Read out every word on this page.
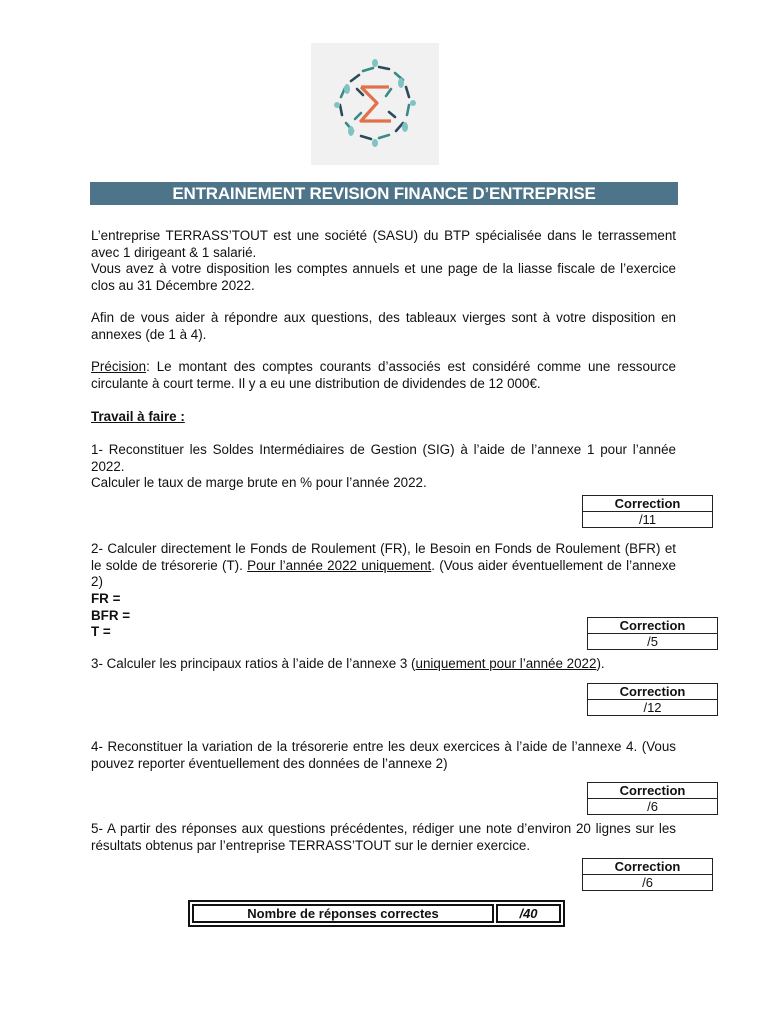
ENTRAINEMENT REVISION FINANCE D’ENTREPRISE
L’entreprise TERRASS’TOUT est une société (SASU) du BTP spécialisée dans le terrassement avec 1 dirigeant & 1 salarié.
Vous avez à votre disposition les comptes annuels et une page de la liasse fiscale de l’exercice clos au 31 Décembre 2022.
Afin de vous aider à répondre aux questions, des tableaux vierges sont à votre disposition en annexes (de 1 à 4).
Précision: Le montant des comptes courants d’associés est considéré comme une ressource circulante à court terme. Il y a eu une distribution de dividendes de 12 000€.
Travail à faire :
1- Reconstituer les Soldes Intermédiaires de Gestion (SIG) à l’aide de l’annexe 1 pour l’année 2022.
Calculer le taux de marge brute en % pour l’année 2022.
Correction
/11
2- Calculer directement le Fonds de Roulement (FR), le Besoin en Fonds de Roulement (BFR) et le solde de trésorerie (T). Pour l’année 2022 uniquement. (Vous aider éventuellement de l’annexe 2)
FR =
BFR =
T =	Correction
/5
3- Calculer les principaux ratios à l’aide de l’annexe 3 (uniquement pour l’année 2022).
Correction
/12
4- Reconstituer la variation de la trésorerie entre les deux exercices à l’aide de l’annexe 4. (Vous pouvez reporter éventuellement des données de l’annexe 2)
Correction
/6
5- A partir des réponses aux questions précédentes, rédiger une note d’environ 20 lignes sur les résultats obtenus par l’entreprise TERRASS’TOUT sur le dernier exercice.
Correction
/6
Nombre de réponses correctes	/40
